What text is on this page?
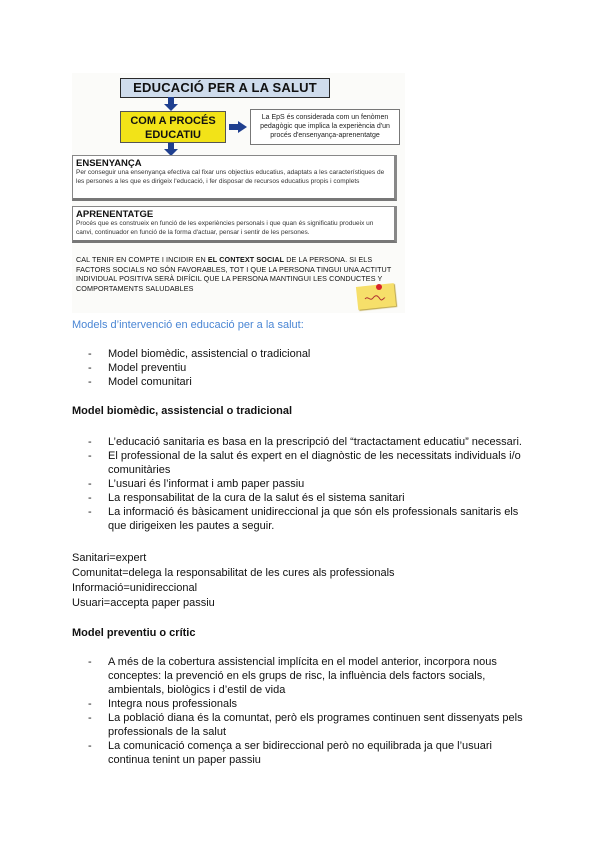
EDUCACIÓ PER A LA SALUT
COM A PROCÉS
EDUCATIU
La EpS és considerada com un fenòmen pedagògic que implica la experiència d'un procés d'ensenyança-aprenentatge
ENSENYANÇA
Per conseguir una ensenyança efectiva cal fixar uns objectius educatius, adaptats a les característiques de les persones a les que es dirigeix l'educació, i fer disposar de recursos educatius propis i complets
APRENENTATGE
Procés que es construeix en funció de les experiències personals i que quan és significatiu produeix un canvi, continuador en funció de la forma d'actuar, pensar i sentir de les persones.
CAL TENIR EN COMPTE I INCIDIR EN EL CONTEXT SOCIAL DE LA PERSONA. SI ELS FACTORS SOCIALS NO SÓN FAVORABLES, TOT I QUE LA PERSONA TINGUI UNA ACTITUT INDIVIDUAL POSITIVA SERÀ DIFÍCIL QUE LA PERSONA MANTINGUI LES CONDUCTES Y COMPORTAMENTS SALUDABLES
Models d’intervenció en educació per a la salut:
- Model biomèdic, assistencial o tradicional
- Model preventiu
- Model comunitari
Model biomèdic, assistencial o tradicional
- L’educació sanitaria es basa en la prescripció del “tractactament educatiu” necessari.
- El professional de la salut és expert en el diagnòstic de les necessitats individuals i/o comunitàries
- L’usuari és l’informat i amb paper passiu
- La responsabilitat de la cura de la salut és el sistema sanitari
- La informació és bàsicament unidireccional ja que són els professionals sanitaris els que dirigeixen les pautes a seguir.
Sanitari=expert
Comunitat=delega la responsabilitat de les cures als professionals
Informació=unidireccional
Usuari=accepta paper passiu
Model preventiu o crític
- A més de la cobertura assistencial implícita en el model anterior, incorpora nous conceptes: la prevenció en els grups de risc, la influència dels factors socials, ambientals, biològics i d’estil de vida
- Integra nous professionals
- La població diana és la comuntat, però els programes continuen sent dissenyats pels professionals de la salut
- La comunicació comença a ser bidireccional però no equilibrada ja que l’usuari continua tenint un paper passiu
